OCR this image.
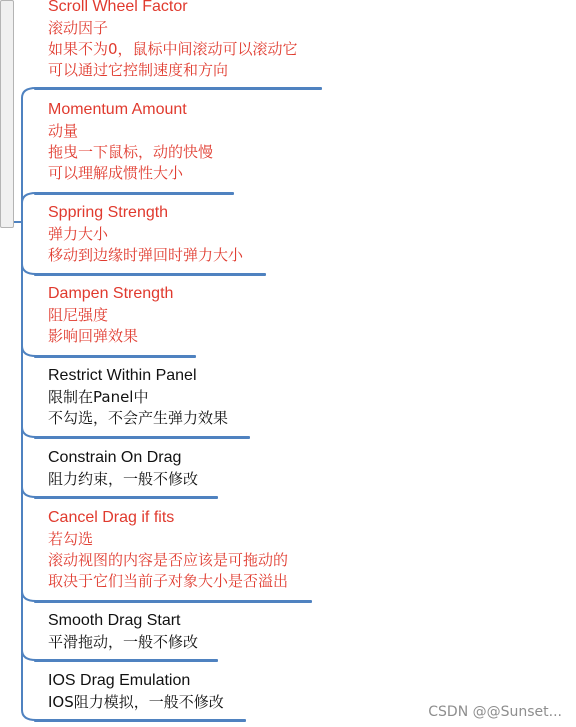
Scroll Wheel Factor
滚动因子
如果不为0，鼠标中间滚动可以滚动它
可以通过它控制速度和方向
Momentum Amount
动量
拖曳一下鼠标，动的快慢
可以理解成惯性大小
Sppring Strength
弹力大小
移动到边缘时弹回时弹力大小
Dampen Strength
阻尼强度
影响回弹效果
Restrict Within Panel
限制在Panel中
不勾选，不会产生弹力效果
Constrain On Drag
阻力约束，一般不修改
Cancel Drag if fits
若勾选
滚动视图的内容是否应该是可拖动的
取决于它们当前子对象大小是否溢出
Smooth Drag Start
平滑拖动，一般不修改
IOS Drag Emulation
IOS阻力模拟，一般不修改
CSDN @@Sunset...
